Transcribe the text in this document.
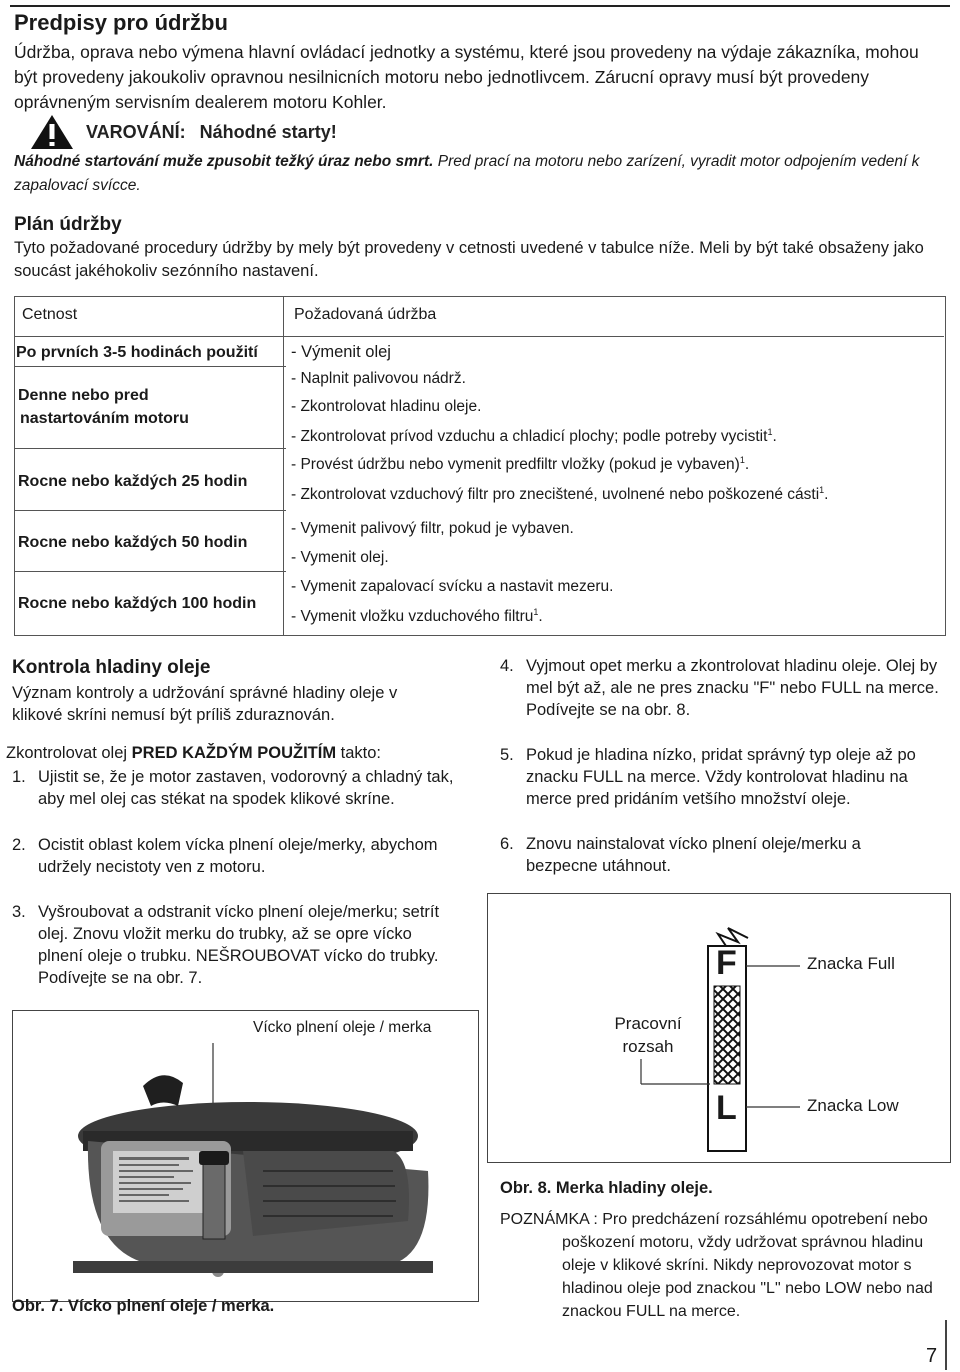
Predpisy pro údržbu

Údržba, oprava nebo výmena hlavní ovládací jednotky a systému, které jsou provedeny na výdaje zákazníka, mohou být provedeny jakoukoliv opravnou nesilnicních motoru nebo jednotlivcem. Zárucní opravy musí být provedeny oprávneným servisním dealerem motoru Kohler.

VAROVÁNÍ: Náhodné starty!

Náhodné startování muže zpusobit težký úraz nebo smrt. Pred prací na motoru nebo zarízení, vyradit motor odpojením vedení k zapalovací svícce.

Plán údržby

Tyto požadované procedury údržby by mely být provedeny v cetnosti uvedené v tabulce níže. Meli by být také obsaženy jako soucást jakéhokoliv sezónního nastavení.

Cetnost	Požadovaná údržba
Po prvních 3-5 hodinách použití - Výmenit olej
Denne nebo pred
nastartováním motoru
- Naplnit palivovou nádrž.
- Zkontrolovat hladinu oleje.
- Zkontrolovat prívod vzduchu a chladicí plochy; podle potreby vycistit$^1$.
Rocne nebo každých 25 hodin
- Provést údržbu nebo vymenit predfiltr vložky (pokud je vybaven)$^1$.
- Zkontrolovat vzduchový filtr pro znecištené, uvolnené nebo poškozené cásti$^1$.
Rocne nebo každých 50 hodin
- Vymenit palivový filtr, pokud je vybaven.
- Vymenit olej.
Rocne nebo každých 100 hodin
- Vymenit zapalovací svícku a nastavit mezeru.
- Vymenit vložku vzduchového filtru$^1$.
Kontrola hladiny oleje

Význam kontroly a udržování správné hladiny oleje v klikové skríni nemusí být príliš zduraznován.

Zkontrolovat olej PRED KAŽDÝM POUŽITÍM takto:

1. Ujistit se, že je motor zastaven, vodorovný a chladný tak, aby mel olej cas stékat na spodek klikové skríne.
2. Ocistit oblast kolem vícka plnení oleje/merky, abychom udržely necistoty ven z motoru.
3. Vyšroubovat a odstranit vícko plnení oleje/merku; setrít olej. Znovu vložit merku do trubky, až se opre vícko plnení oleje o trubku. NEŠROUBOVAT vícko do trubky. Podívejte se na obr. 7.
4. Vyjmout opet merku a zkontrolovat hladinu oleje. Olej by mel být až, ale ne pres znacku "F" nebo FULL na merce. Podívejte se na obr. 8.
5. Pokud je hladina nízko, pridat správný typ oleje až po znacku FULL na merce. Vždy kontrolovat hladinu na merce pred pridáním vetšího množství oleje.
6. Znovu nainstalovat vícko plnení oleje/merku a bezpecne utáhnout.
Vícko plnení oleje / merka
Obr. 7. Vícko plnení oleje / merka.
F
L
Znacka Full
Znacka Low
Pracovní
rozsah
Obr. 8. Merka hladiny oleje.
POZNÁMKA : Pro predcházení rozsáhlému opotrebení nebo poškození motoru, vždy udržovat správnou hladinu oleje v klikové skríni. Nikdy neprovozovat motor s hladinou oleje pod znackou "L" nebo LOW nebo nad znackou FULL na merce.
7
